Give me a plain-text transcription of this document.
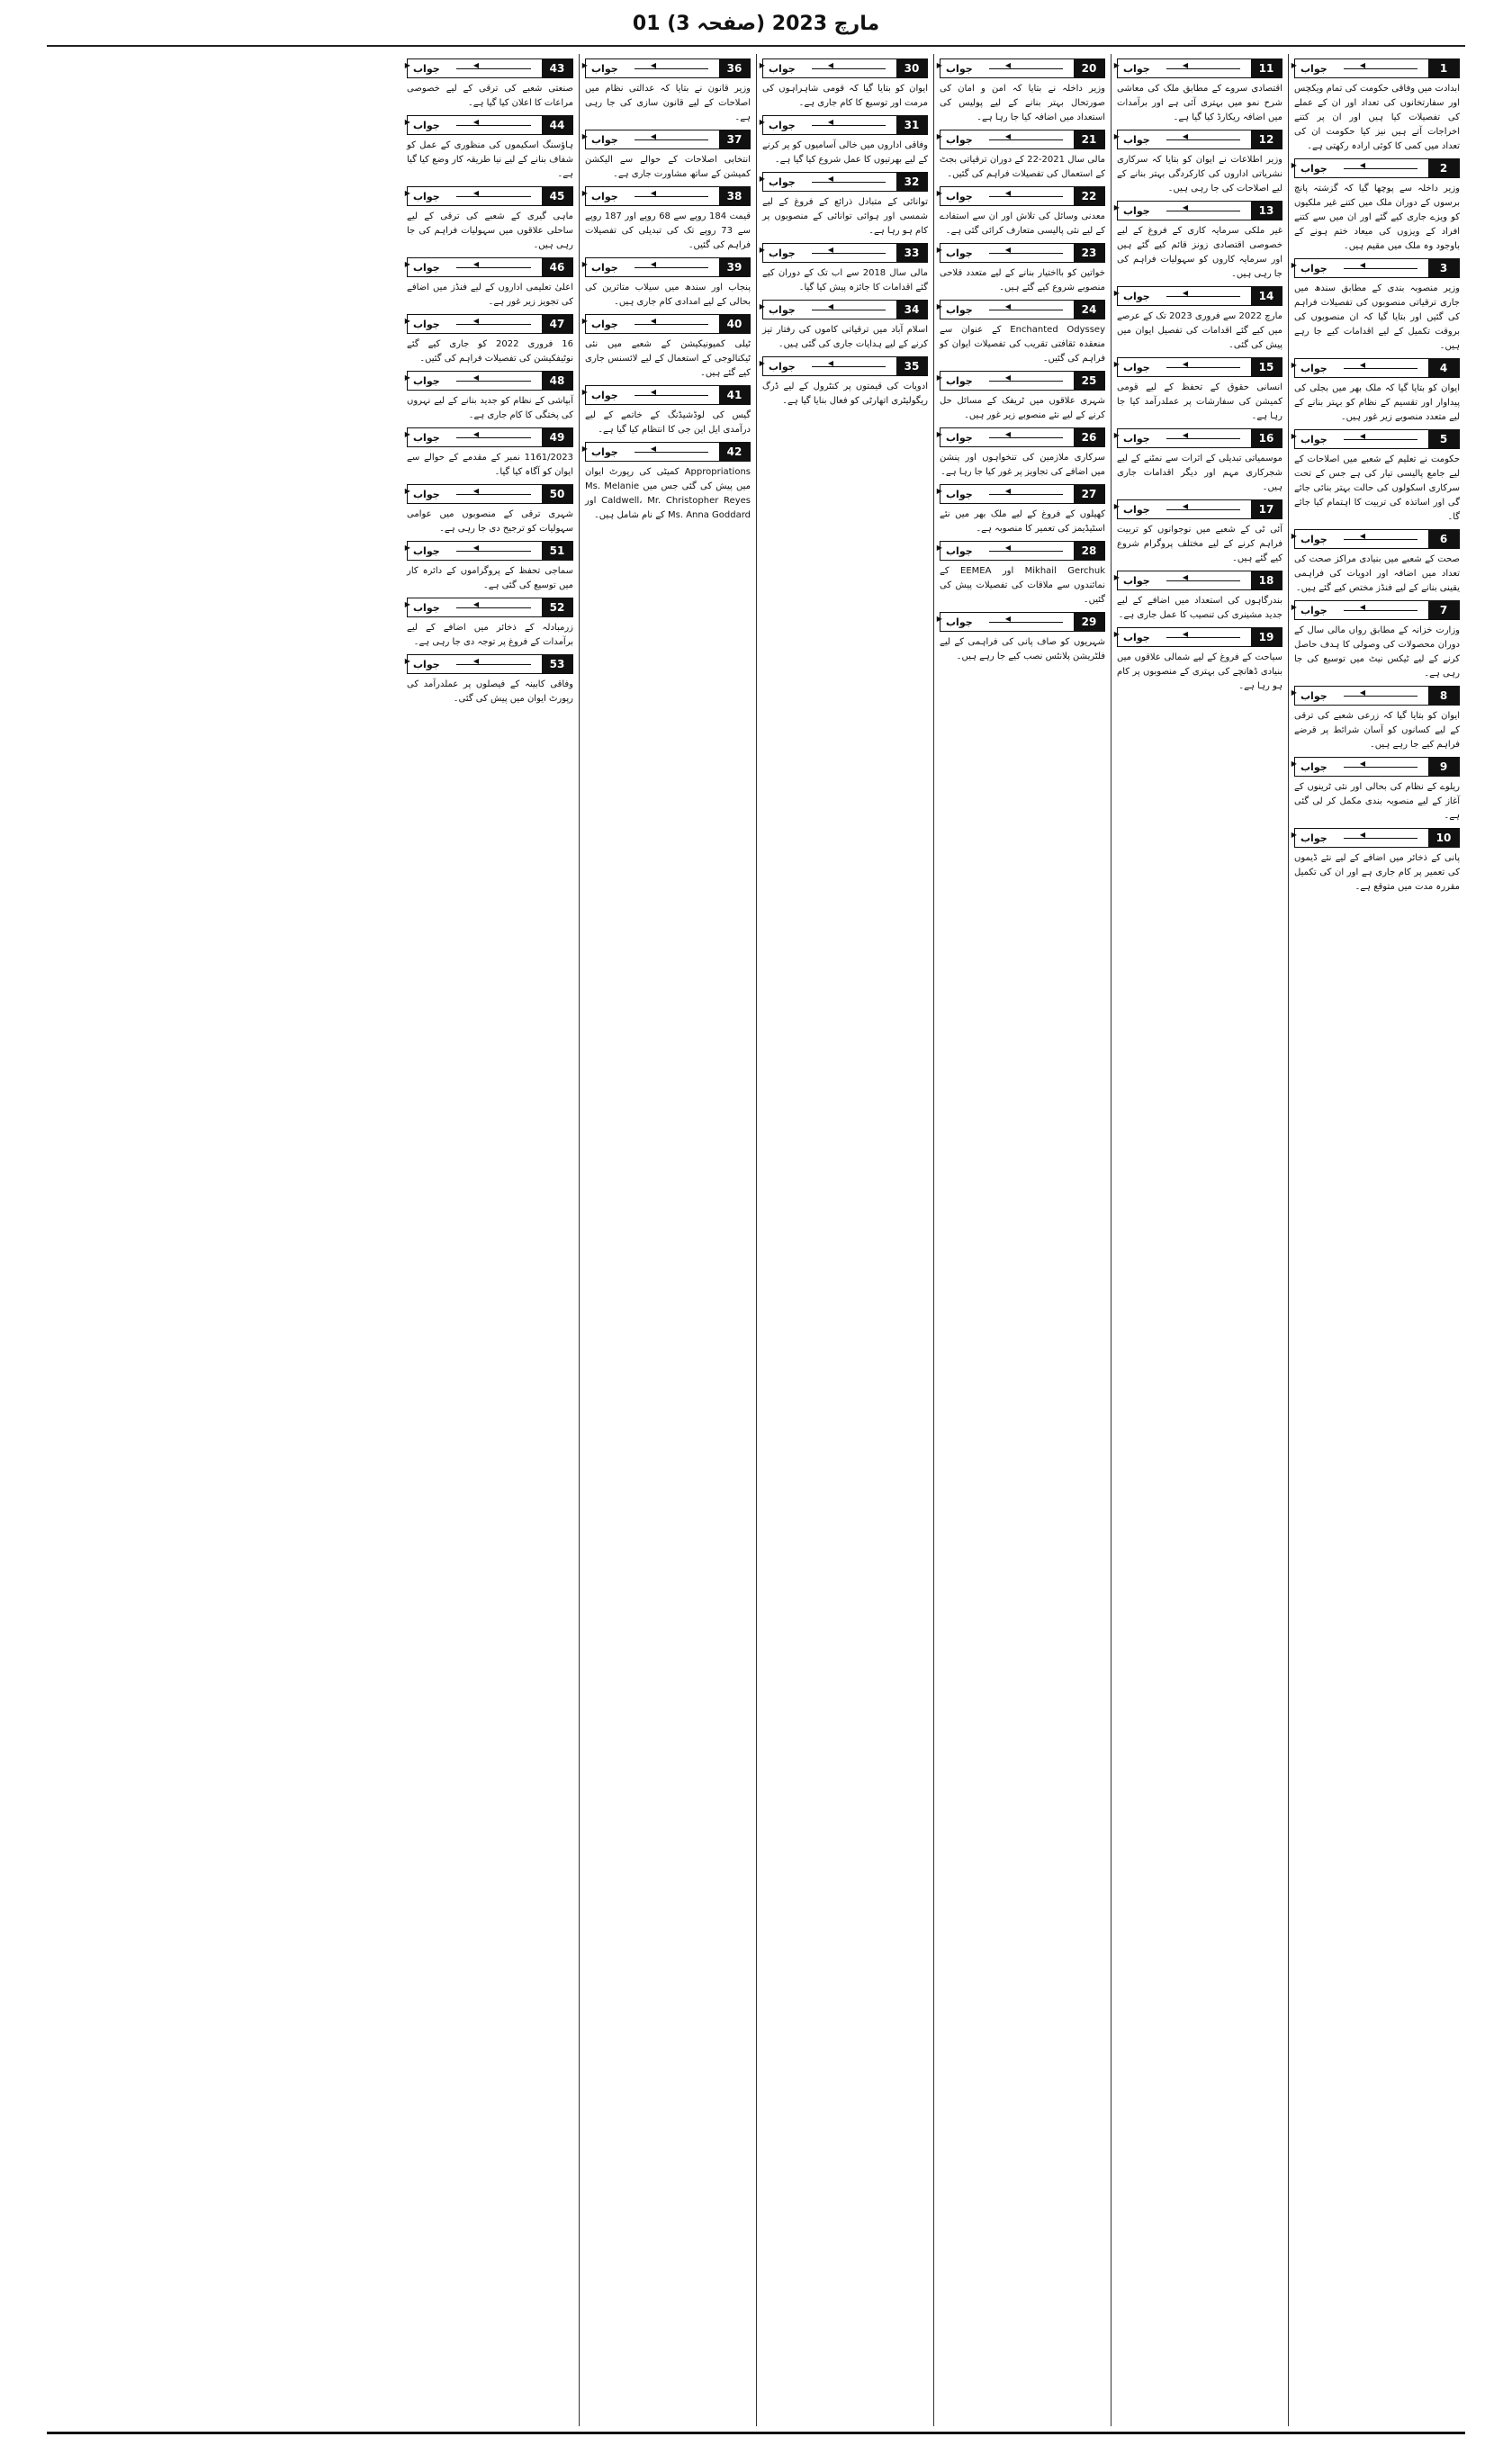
01 مارچ 2023 (صفحہ 3)
1
◀▶
جواب

ابدادت میں وفاقی حکومت کی تمام ویکچس اور سفارتخانوں کی تعداد اور ان کے عملے کی تفصیلات کیا ہیں اور ان پر کتنے اخراجات آتے ہیں نیز کیا حکومت ان کی تعداد میں کمی کا کوئی ارادہ رکھتی ہے۔

2
◀▶
جواب

وزیر داخلہ سے پوچھا گیا کہ گزشتہ پانچ برسوں کے دوران ملک میں کتنے غیر ملکیوں کو ویزے جاری کیے گئے اور ان میں سے کتنے افراد کے ویزوں کی میعاد ختم ہونے کے باوجود وہ ملک میں مقیم ہیں۔

3
◀▶
جواب

وزیر منصوبہ بندی کے مطابق سندھ میں جاری ترقیاتی منصوبوں کی تفصیلات فراہم کی گئیں اور بتایا گیا کہ ان منصوبوں کی بروقت تکمیل کے لیے اقدامات کیے جا رہے ہیں۔

4
◀▶
جواب

ایوان کو بتایا گیا کہ ملک بھر میں بجلی کی پیداوار اور تقسیم کے نظام کو بہتر بنانے کے لیے متعدد منصوبے زیر غور ہیں۔

5
◀▶
جواب

حکومت نے تعلیم کے شعبے میں اصلاحات کے لیے جامع پالیسی تیار کی ہے جس کے تحت سرکاری اسکولوں کی حالت بہتر بنائی جائے گی اور اساتذہ کی تربیت کا اہتمام کیا جائے گا۔

6
◀▶
جواب

صحت کے شعبے میں بنیادی مراکز صحت کی تعداد میں اضافہ اور ادویات کی فراہمی یقینی بنانے کے لیے فنڈز مختص کیے گئے ہیں۔

7
◀▶
جواب

وزارت خزانہ کے مطابق رواں مالی سال کے دوران محصولات کی وصولی کا ہدف حاصل کرنے کے لیے ٹیکس نیٹ میں توسیع کی جا رہی ہے۔

8
◀▶
جواب

ایوان کو بتایا گیا کہ زرعی شعبے کی ترقی کے لیے کسانوں کو آسان شرائط پر قرضے فراہم کیے جا رہے ہیں۔

9
◀▶
جواب

ریلوے کے نظام کی بحالی اور نئی ٹرینوں کے آغاز کے لیے منصوبہ بندی مکمل کر لی گئی ہے۔

10
◀▶
جواب

پانی کے ذخائر میں اضافے کے لیے نئے ڈیموں کی تعمیر پر کام جاری ہے اور ان کی تکمیل مقررہ مدت میں متوقع ہے۔

11
◀▶
جواب

اقتصادی سروے کے مطابق ملک کی معاشی شرح نمو میں بہتری آئی ہے اور برآمدات میں اضافہ ریکارڈ کیا گیا ہے۔

12
◀▶
جواب

وزیر اطلاعات نے ایوان کو بتایا کہ سرکاری نشریاتی اداروں کی کارکردگی بہتر بنانے کے لیے اصلاحات کی جا رہی ہیں۔

13
◀▶
جواب

غیر ملکی سرمایہ کاری کے فروغ کے لیے خصوصی اقتصادی زونز قائم کیے گئے ہیں اور سرمایہ کاروں کو سہولیات فراہم کی جا رہی ہیں۔

14
◀▶
جواب

مارچ 2022 سے فروری 2023 تک کے عرصے میں کیے گئے اقدامات کی تفصیل ایوان میں پیش کی گئی۔

15
◀▶
جواب

انسانی حقوق کے تحفظ کے لیے قومی کمیشن کی سفارشات پر عملدرآمد کیا جا رہا ہے۔

16
◀▶
جواب

موسمیاتی تبدیلی کے اثرات سے نمٹنے کے لیے شجرکاری مہم اور دیگر اقدامات جاری ہیں۔

17
◀▶
جواب

آئی ٹی کے شعبے میں نوجوانوں کو تربیت فراہم کرنے کے لیے مختلف پروگرام شروع کیے گئے ہیں۔

18
◀▶
جواب

بندرگاہوں کی استعداد میں اضافے کے لیے جدید مشینری کی تنصیب کا عمل جاری ہے۔

19
◀▶
جواب

سیاحت کے فروغ کے لیے شمالی علاقوں میں بنیادی ڈھانچے کی بہتری کے منصوبوں پر کام ہو رہا ہے۔

20
◀▶
جواب

وزیر داخلہ نے بتایا کہ امن و امان کی صورتحال بہتر بنانے کے لیے پولیس کی استعداد میں اضافہ کیا جا رہا ہے۔

21
◀▶
جواب

مالی سال 2021-22 کے دوران ترقیاتی بجٹ کے استعمال کی تفصیلات فراہم کی گئیں۔

22
◀▶
جواب

معدنی وسائل کی تلاش اور ان سے استفادے کے لیے نئی پالیسی متعارف کرائی گئی ہے۔

23
◀▶
جواب

خواتین کو بااختیار بنانے کے لیے متعدد فلاحی منصوبے شروع کیے گئے ہیں۔

24
◀▶
جواب

Enchanted Odyssey کے عنوان سے منعقدہ ثقافتی تقریب کی تفصیلات ایوان کو فراہم کی گئیں۔

25
◀▶
جواب

شہری علاقوں میں ٹریفک کے مسائل حل کرنے کے لیے نئے منصوبے زیر غور ہیں۔

26
◀▶
جواب

سرکاری ملازمین کی تنخواہوں اور پنشن میں اضافے کی تجاویز پر غور کیا جا رہا ہے۔

27
◀▶
جواب

کھیلوں کے فروغ کے لیے ملک بھر میں نئے اسٹیڈیمز کی تعمیر کا منصوبہ ہے۔

28
◀▶
جواب

Mikhail Gerchuk اور EEMEA کے نمائندوں سے ملاقات کی تفصیلات پیش کی گئیں۔

29
◀▶
جواب

شہریوں کو صاف پانی کی فراہمی کے لیے فلٹریشن پلانٹس نصب کیے جا رہے ہیں۔

30
◀▶
جواب

ایوان کو بتایا گیا کہ قومی شاہراہوں کی مرمت اور توسیع کا کام جاری ہے۔

31
◀▶
جواب

وفاقی اداروں میں خالی آسامیوں کو پر کرنے کے لیے بھرتیوں کا عمل شروع کیا گیا ہے۔

32
◀▶
جواب

توانائی کے متبادل ذرائع کے فروغ کے لیے شمسی اور ہوائی توانائی کے منصوبوں پر کام ہو رہا ہے۔

33
◀▶
جواب

مالی سال 2018 سے اب تک کے دوران کیے گئے اقدامات کا جائزہ پیش کیا گیا۔

34
◀▶
جواب

اسلام آباد میں ترقیاتی کاموں کی رفتار تیز کرنے کے لیے ہدایات جاری کی گئی ہیں۔

35
◀▶
جواب

ادویات کی قیمتوں پر کنٹرول کے لیے ڈرگ ریگولیٹری اتھارٹی کو فعال بنایا گیا ہے۔

36
◀▶
جواب

وزیر قانون نے بتایا کہ عدالتی نظام میں اصلاحات کے لیے قانون سازی کی جا رہی ہے۔

37
◀▶
جواب

انتخابی اصلاحات کے حوالے سے الیکشن کمیشن کے ساتھ مشاورت جاری ہے۔

38
◀▶
جواب

قیمت 184 روپے سے 68 روپے اور 187 روپے سے 73 روپے تک کی تبدیلی کی تفصیلات فراہم کی گئیں۔

39
◀▶
جواب

پنجاب اور سندھ میں سیلاب متاثرین کی بحالی کے لیے امدادی کام جاری ہیں۔

40
◀▶
جواب

ٹیلی کمیونیکیشن کے شعبے میں نئی ٹیکنالوجی کے استعمال کے لیے لائسنس جاری کیے گئے ہیں۔

41
◀▶
جواب

گیس کی لوڈشیڈنگ کے خاتمے کے لیے درآمدی ایل این جی کا انتظام کیا گیا ہے۔

42
◀▶
جواب

Appropriations کمیٹی کی رپورٹ ایوان میں پیش کی گئی جس میں Ms. Melanie Caldwell، Mr. Christopher Reyes اور Ms. Anna Goddard کے نام شامل ہیں۔

43
◀▶
جواب

صنعتی شعبے کی ترقی کے لیے خصوصی مراعات کا اعلان کیا گیا ہے۔

44
◀▶
جواب

ہاؤسنگ اسکیموں کی منظوری کے عمل کو شفاف بنانے کے لیے نیا طریقہ کار وضع کیا گیا ہے۔

45
◀▶
جواب

ماہی گیری کے شعبے کی ترقی کے لیے ساحلی علاقوں میں سہولیات فراہم کی جا رہی ہیں۔

46
◀▶
جواب

اعلیٰ تعلیمی اداروں کے لیے فنڈز میں اضافے کی تجویز زیر غور ہے۔

47
◀▶
جواب

16 فروری 2022 کو جاری کیے گئے نوٹیفکیشن کی تفصیلات فراہم کی گئیں۔

48
◀▶
جواب

آبپاشی کے نظام کو جدید بنانے کے لیے نہروں کی پختگی کا کام جاری ہے۔

49
◀▶
جواب

1161/2023 نمبر کے مقدمے کے حوالے سے ایوان کو آگاہ کیا گیا۔

50
◀▶
جواب

شہری ترقی کے منصوبوں میں عوامی سہولیات کو ترجیح دی جا رہی ہے۔

51
◀▶
جواب

سماجی تحفظ کے پروگراموں کے دائرہ کار میں توسیع کی گئی ہے۔

52
◀▶
جواب

زرمبادلہ کے ذخائر میں اضافے کے لیے برآمدات کے فروغ پر توجہ دی جا رہی ہے۔

53
◀▶
جواب

وفاقی کابینہ کے فیصلوں پر عملدرآمد کی رپورٹ ایوان میں پیش کی گئی۔
